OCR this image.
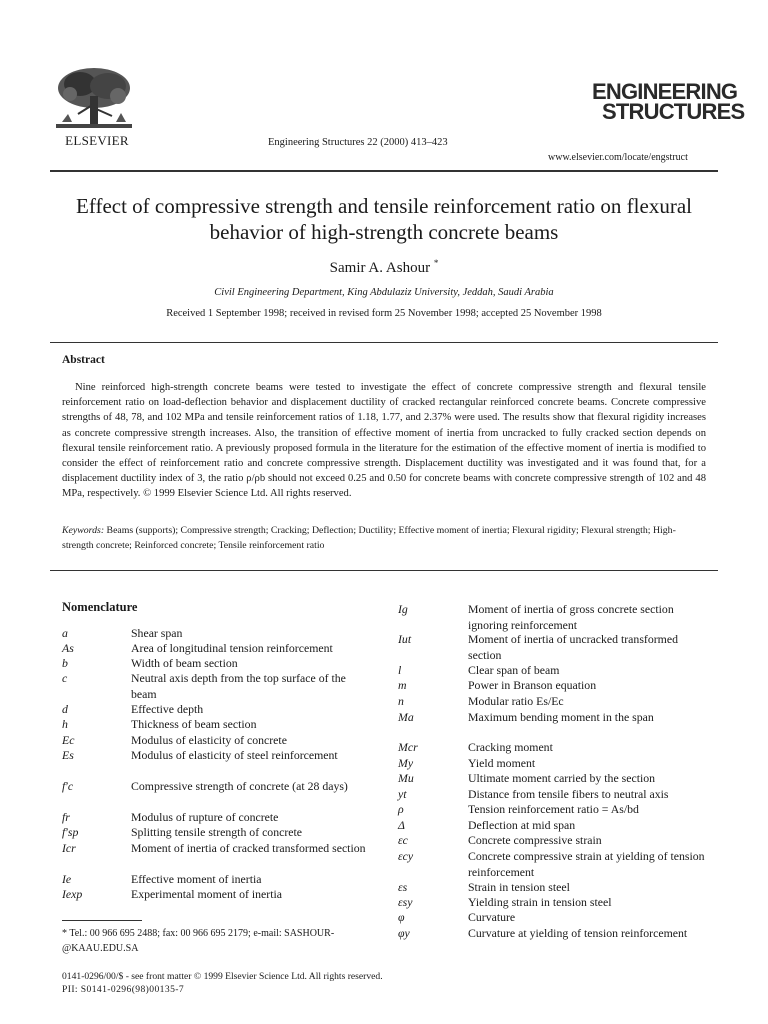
ELSEVIER	Engineering Structures 22 (2000) 413–423
ENGINEERING
STRUCTURES
www.elsevier.com/locate/engstruct
Effect of compressive strength and tensile reinforcement ratio on flexural behavior of high-strength concrete beams
Samir A. Ashour *
Civil Engineering Department, King Abdulaziz University, Jeddah, Saudi Arabia
Received 1 September 1998; received in revised form 25 November 1998; accepted 25 November 1998
Abstract
Nine reinforced high-strength concrete beams were tested to investigate the effect of concrete compressive strength and flexural tensile reinforcement ratio on load-deflection behavior and displacement ductility of cracked rectangular reinforced concrete beams. Concrete compressive strengths of 48, 78, and 102 MPa and tensile reinforcement ratios of 1.18, 1.77, and 2.37% were used. The results show that flexural rigidity increases as concrete compressive strength increases. Also, the transition of effective moment of inertia from uncracked to fully cracked section depends on flexural tensile reinforcement ratio. A previously proposed formula in the literature for the estimation of the effective moment of inertia is modified to consider the effect of reinforcement ratio and concrete compressive strength. Displacement ductility was investigated and it was found that, for a displacement ductility index of 3, the ratio ρ/ρb should not exceed 0.25 and 0.50 for concrete beams with concrete compressive strength of 102 and 48 MPa, respectively. © 1999 Elsevier Science Ltd. All rights reserved.
Keywords: Beams (supports); Compressive strength; Cracking; Deflection; Ductility; Effective moment of inertia; Flexural rigidity; Flexural strength; High-strength concrete; Reinforced concrete; Tensile reinforcement ratio
Nomenclature
a	Shear span
As	Area of longitudinal tension reinforcement
b	Width of beam section
c	Neutral axis depth from the top surface of the beam
d	Effective depth
h	Thickness of beam section
Ec	Modulus of elasticity of concrete
Es	Modulus of elasticity of steel reinforcement
f′c	Compressive strength of concrete (at 28 days)
fr	Modulus of rupture of concrete
f′sp	Splitting tensile strength of concrete
Icr	Moment of inertia of cracked transformed section
Ie	Effective moment of inertia
Iexp	Experimental moment of inertia
Ig	Moment of inertia of gross concrete section ignoring reinforcement
Iut	Moment of inertia of uncracked transformed section
l	Clear span of beam
m	Power in Branson equation
n	Modular ratio Es/Ec
Ma	Maximum bending moment in the span
Mcr	Cracking moment
My	Yield moment
Mu	Ultimate moment carried by the section
yt	Distance from tensile fibers to neutral axis
ρ	Tension reinforcement ratio = As/bd
Δ	Deflection at mid span
εc	Concrete compressive strain
εcy	Concrete compressive strain at yielding of tension reinforcement
εs	Strain in tension steel
εsy	Yielding strain in tension steel
φ	Curvature
φy	Curvature at yielding of tension reinforcement
* Tel.: 00 966 695 2488; fax: 00 966 695 2179; e-mail: SASHOUR-@KAAU.EDU.SA
0141-0296/00/$ - see front matter © 1999 Elsevier Science Ltd. All rights reserved.
PII: S0141-0296(98)00135-7
